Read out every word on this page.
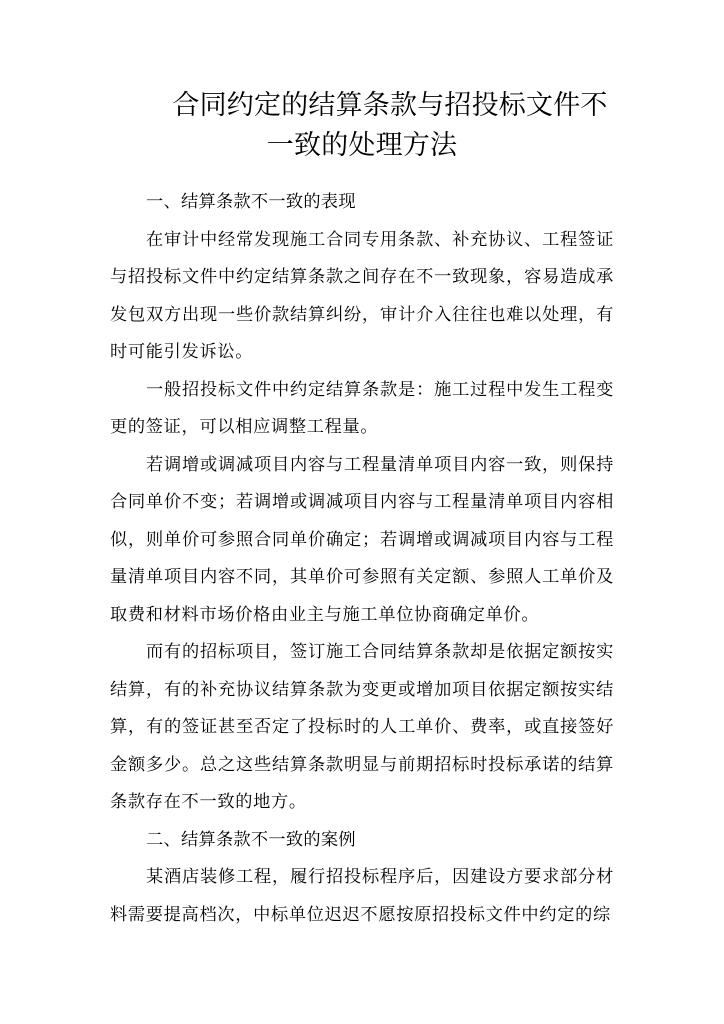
合同约定的结算条款与招投标文件不
一致的处理方法

一、结算条款不一致的表现

在审计中经常发现施工合同专用条款、补充协议、工程签证与招投标文件中约定结算条款之间存在不一致现象，容易造成承发包双方出现一些价款结算纠纷，审计介入往往也难以处理，有时可能引发诉讼。

一般招投标文件中约定结算条款是：施工过程中发生工程变更的签证，可以相应调整工程量。

若调增或调减项目内容与工程量清单项目内容一致，则保持合同单价不变；若调增或调减项目内容与工程量清单项目内容相似，则单价可参照合同单价确定；若调增或调减项目内容与工程量清单项目内容不同，其单价可参照有关定额、参照人工单价及取费和材料市场价格由业主与施工单位协商确定单价。

而有的招标项目，签订施工合同结算条款却是依据定额按实结算，有的补充协议结算条款为变更或增加项目依据定额按实结算，有的签证甚至否定了投标时的人工单价、费率，或直接签好金额多少。总之这些结算条款明显与前期招标时投标承诺的结算条款存在不一致的地方。

二、结算条款不一致的案例

某酒店装修工程，履行招投标程序后，因建设方要求部分材料需要提高档次，中标单位迟迟不愿按原招投标文件中约定的综
